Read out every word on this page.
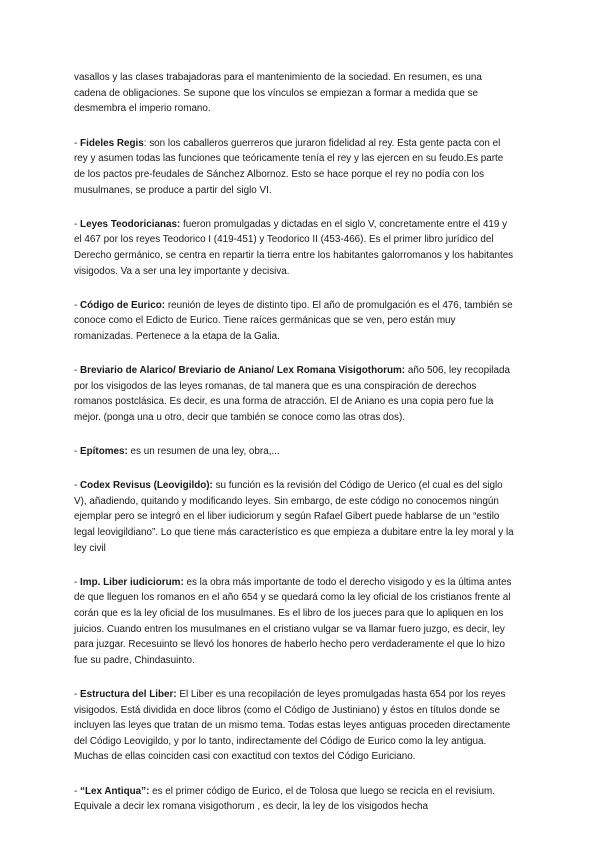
vasallos y las clases trabajadoras para el mantenimiento de la sociedad. En resumen, es una cadena de obligaciones. Se supone que los vínculos se empiezan a formar a medida que se desmembra el imperio romano.

- Fideles Regis: son los caballeros guerreros que juraron fidelidad al rey. Esta gente pacta con el rey y asumen todas las funciones que teóricamente tenía el rey y las ejercen en su feudo.Es parte de los pactos pre-feudales de Sánchez Albornoz. Esto se hace porque el rey no podía con los musulmanes, se produce a partir del siglo VI.

- Leyes Teodoricianas: fueron promulgadas y dictadas en el siglo V, concretamente entre el 419 y el 467 por los reyes Teodorico I (419-451) y Teodorico II (453-466). Es el primer libro jurídico del Derecho germánico, se centra en repartir la tierra entre los habitantes galorromanos y los habitantes visigodos. Va a ser una ley importante y decisiva.

- Código de Eurico: reunión de leyes de distinto tipo. El año de promulgación es el 476, también se conoce como el Edicto de Eurico. Tiene raíces germánicas que se ven, pero están muy romanizadas. Pertenece a la etapa de la Galia.

- Breviario de Alarico/ Breviario de Aniano/ Lex Romana Visigothorum: año 506, ley recopilada por los visigodos de las leyes romanas, de tal manera que es una conspiración de derechos romanos postclásica. Es decir, es una forma de atracción. El de Aniano es una copia pero fue la mejor. (ponga una u otro, decir que también se conoce como las otras dos).

- Epítomes: es un resumen de una ley, obra,...

- Codex Revisus (Leovigildo): su función es la revisión del Código de Uerico (el cual es del siglo V), añadiendo, quitando y modificando leyes. Sin embargo, de este código no conocemos ningún ejemplar pero se integró en el liber iudiciorum y según Rafael Gibert puede hablarse de un “estilo legal leovigildiano”. Lo que tiene más característico es que empieza a dubitare entre la ley moral y la ley civil

- Imp. Liber iudiciorum: es la obra más importante de todo el derecho visigodo y es la última antes de que lleguen los romanos en el año 654 y se quedará como la ley oficial de los cristianos frente al corán que es la ley oficial de los musulmanes. Es el libro de los jueces para que lo apliquen en los juicios. Cuando entren los musulmanes en el cristiano vulgar se va llamar fuero juzgo, es decir, ley para juzgar. Recesuinto se llevó los honores de haberlo hecho pero verdaderamente el que lo hizo fue su padre, Chindasuinto.

- Estructura del Liber: El Liber es una recopilación de leyes promulgadas hasta 654 por los reyes visigodos. Está dividida en doce libros (como el Código de Justiniano) y éstos en títulos donde se incluyen las leyes que tratan de un mismo tema. Todas estas leyes antiguas proceden directamente del Código Leovigildo, y por lo tanto, indirectamente del Código de Eurico como la ley antigua. Muchas de ellas coinciden casi con exactitud con textos del Código Euriciano.

- “Lex Antiqua”: es el primer código de Eurico, el de Tolosa que luego se recicla en el revisium. Equivale a decir lex romana visigothorum , es decir, la ley de los visigodos hecha
